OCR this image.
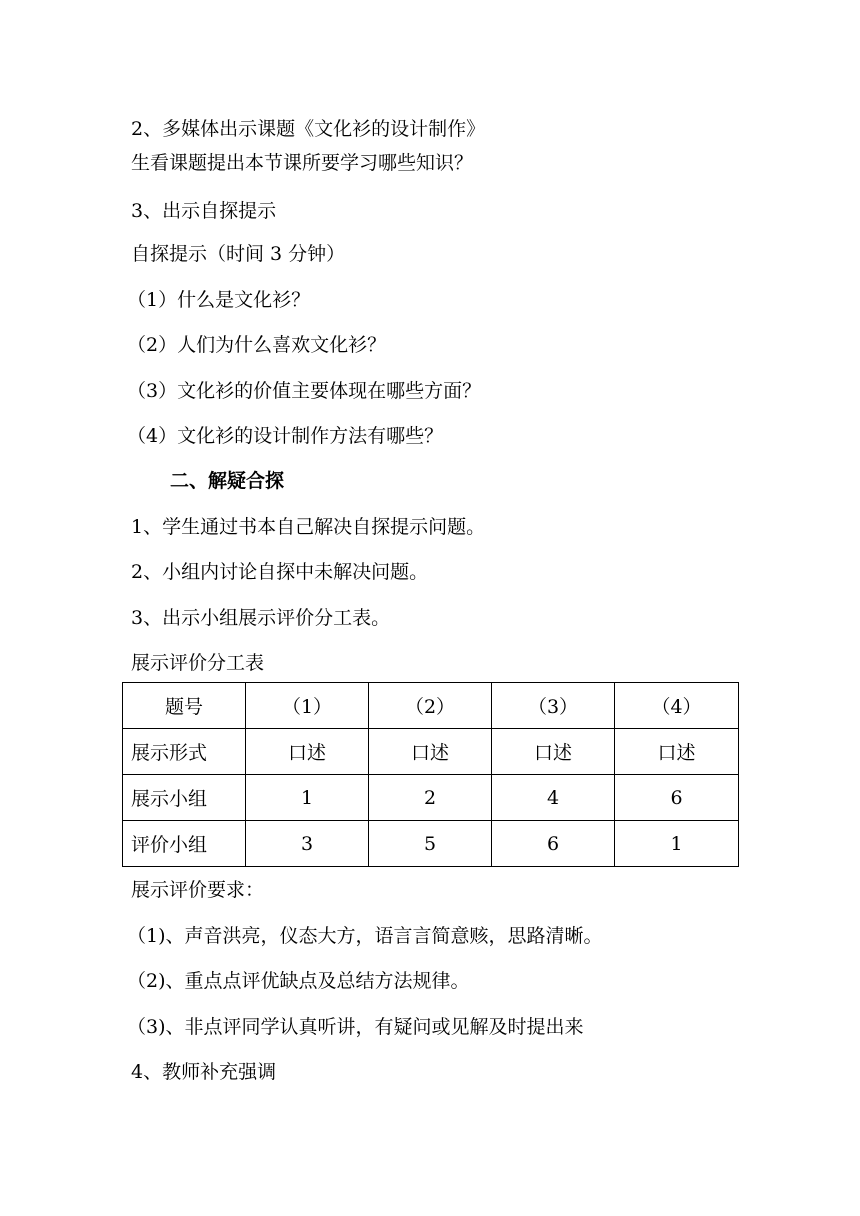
2、多媒体出示课题《文化衫的设计制作》
生看课题提出本节课所要学习哪些知识？
3、出示自探提示
自探提示（时间 3 分钟）
（1）什么是文化衫？
（2）人们为什么喜欢文化衫？
（3）文化衫的价值主要体现在哪些方面？
（4）文化衫的设计制作方法有哪些？
二、解疑合探
1、学生通过书本自己解决自探提示问题。
2、小组内讨论自探中未解决问题。
3、出示小组展示评价分工表。
展示评价分工表
题号	（1）	（2）	（3）	（4）
展示形式	口述	口述	口述	口述
展示小组	1	2	4	6
评价小组	3	5	6	1
展示评价要求：
（1)、声音洪亮，仪态大方，语言言简意赅，思路清晰。
（2)、重点点评优缺点及总结方法规律。
（3)、非点评同学认真听讲，有疑问或见解及时提出来
4、教师补充强调
